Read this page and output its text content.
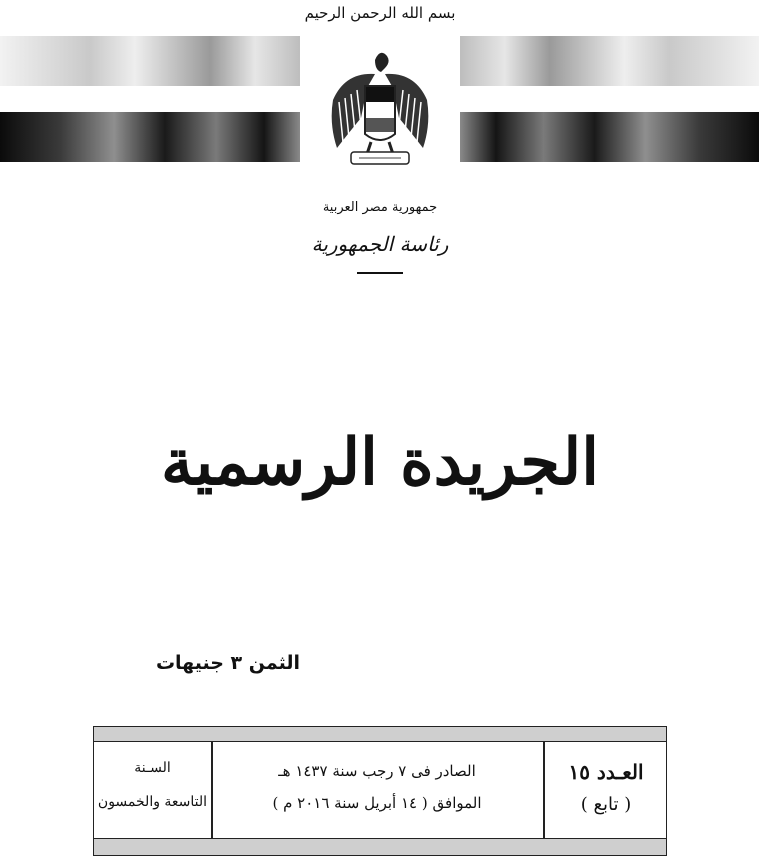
بسم الله الرحمن الرحيم
جمهورية مصر العربية
رئاسة الجمهورية
الجريدة الرسمية
الثمن ٣ جنيهات
العـدد ١٥
( تابع )
الصادر فى ٧ رجب سنة ١٤٣٧ هـ
الموافق ( ١٤ أبريل سنة ٢٠١٦ م )
السـنة
التاسعة والخمسون
